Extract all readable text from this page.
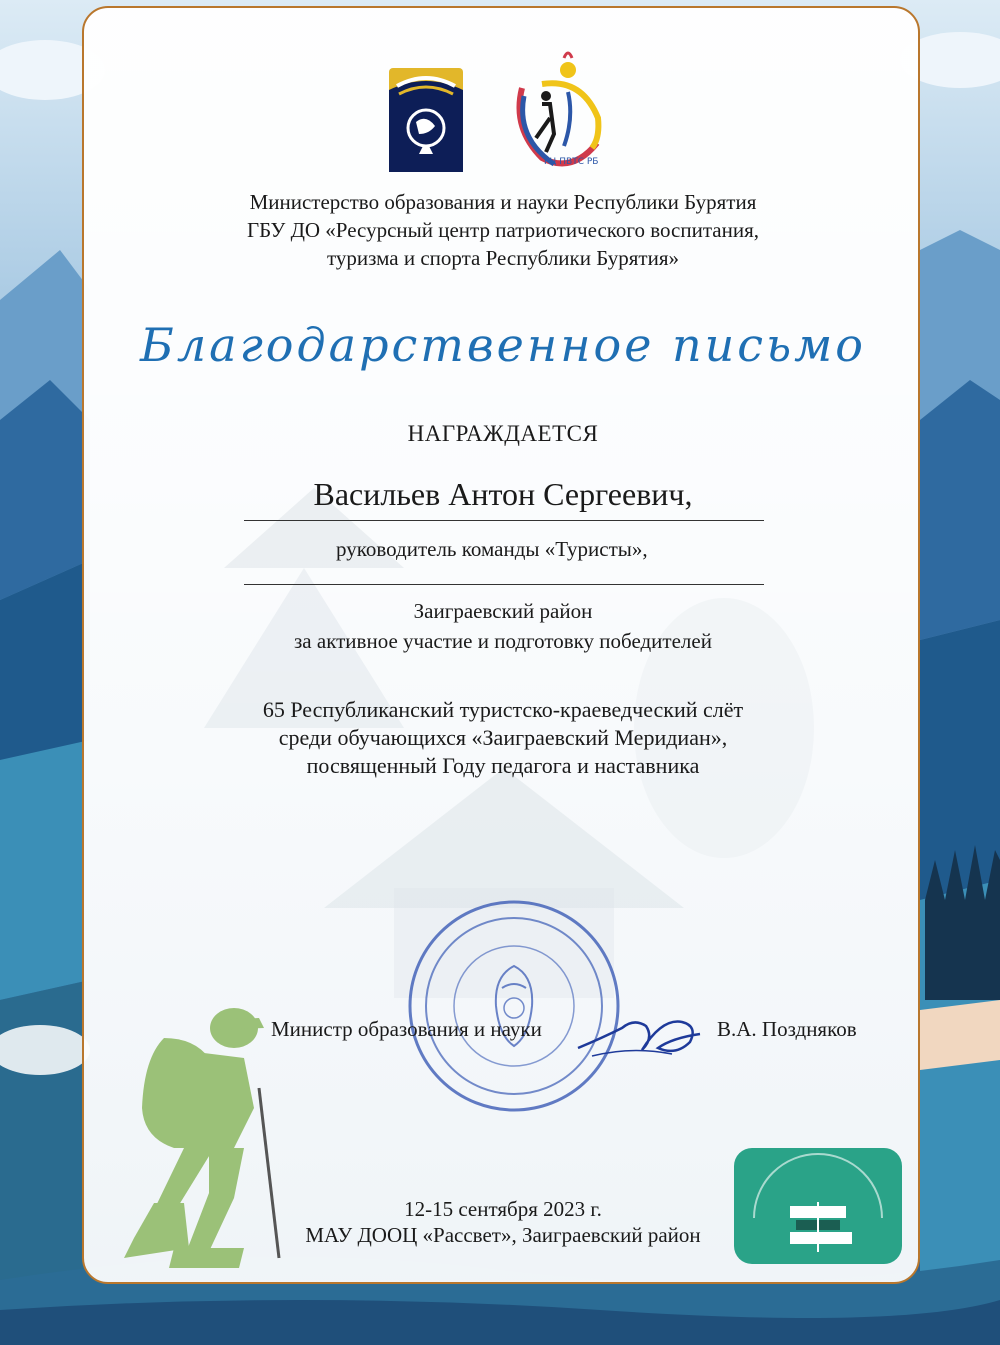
РЦ ПВТС РБ
Министерство образования и науки Республики Бурятия
ГБУ ДО «Ресурсный центр патриотического воспитания,
туризма и спорта Республики Бурятия»
Благодарственное письмо
НАГРАЖДАЕТСЯ
Васильев Антон Сергеевич,
руководитель команды «Туристы»,
Заиграевский район
за активное участие и подготовку победителей
65 Республиканский туристско-краеведческий слёт
среди обучающихся «Заиграевский Меридиан»,
посвященный Году педагога и наставника
Министр образования и науки	В.А. Поздняков
12-15 сентября 2023 г.
МАУ ДООЦ «Рассвет», Заиграевский район
